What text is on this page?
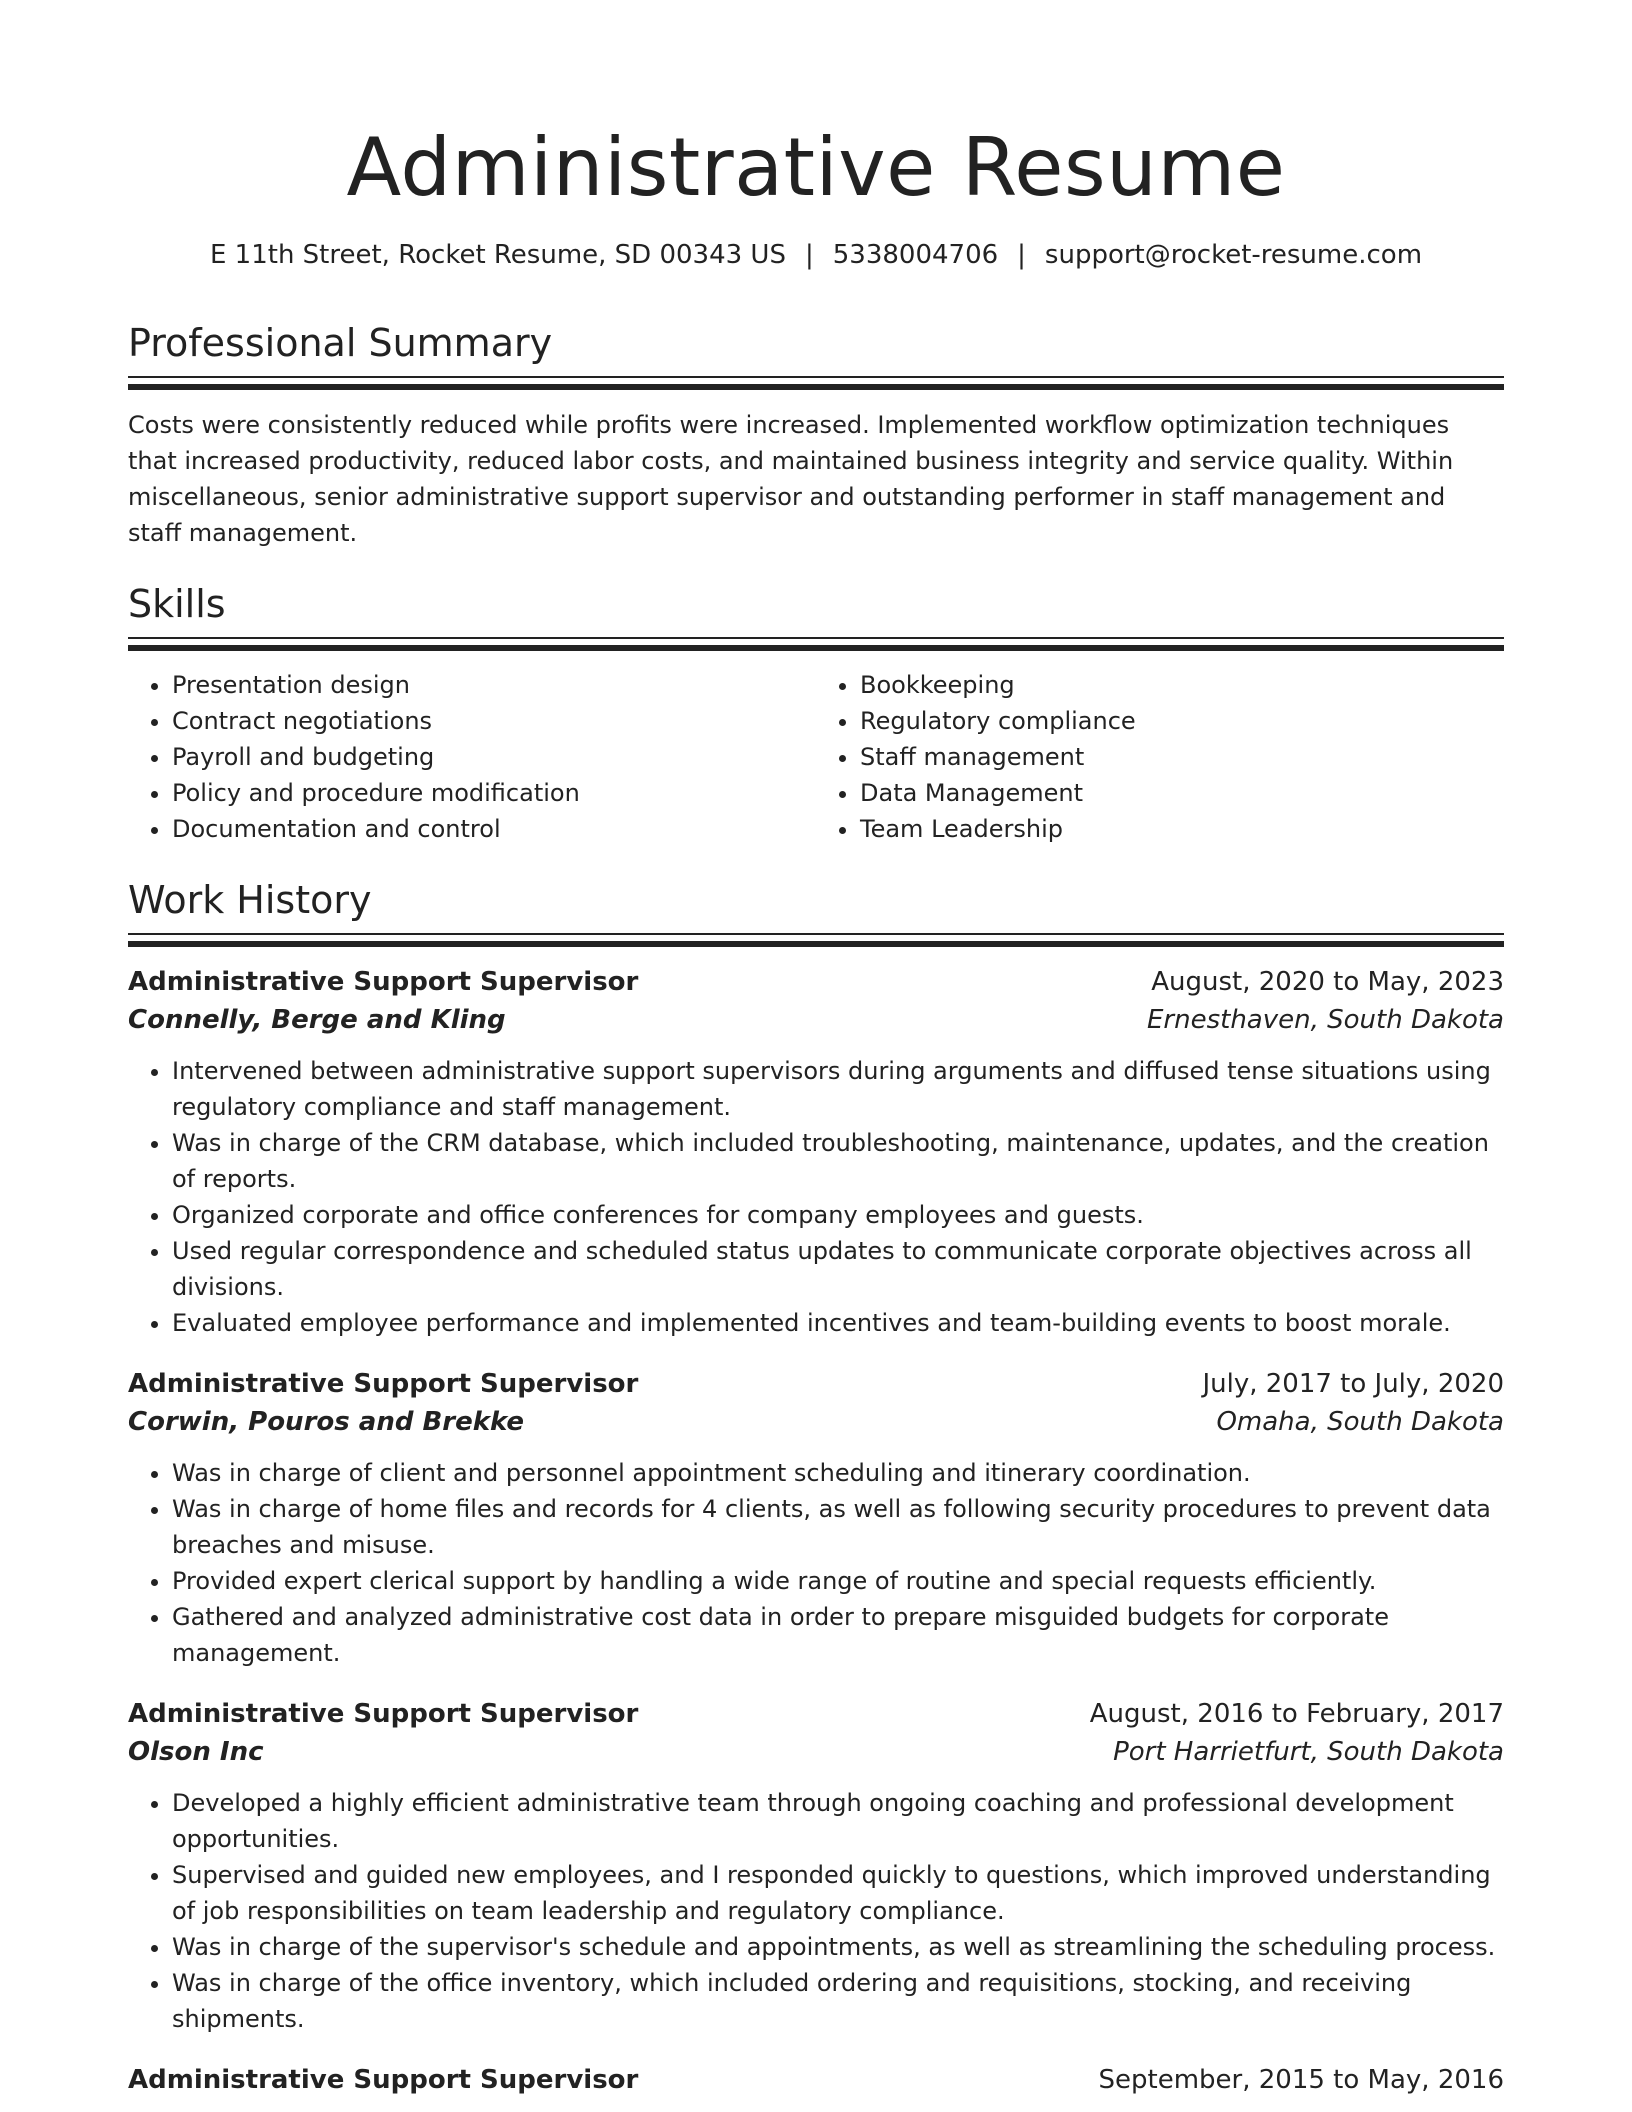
Administrative Resume
E 11th Street, Rocket Resume, SD 00343 US | 5338004706 | support@rocket-resume.com
Professional Summary

Costs were consistently reduced while profits were increased. Implemented workflow optimization techniques that increased productivity, reduced labor costs, and maintained business integrity and service quality. Within miscellaneous, senior administrative support supervisor and outstanding performer in staff management and staff management.

Skills
• Presentation design
• Contract negotiations
• Payroll and budgeting
• Policy and procedure modification
• Documentation and control
• Bookkeeping
• Regulatory compliance
• Staff management
• Data Management
• Team Leadership
Work History
Administrative Support Supervisor	August, 2020 to May, 2023
Connelly, Berge and Kling	Ernesthaven, South Dakota
• Intervened between administrative support supervisors during arguments and diffused tense situations using regulatory compliance and staff management.
• Was in charge of the CRM database, which included troubleshooting, maintenance, updates, and the creation of reports.
• Organized corporate and office conferences for company employees and guests.
• Used regular correspondence and scheduled status updates to communicate corporate objectives across all divisions.
• Evaluated employee performance and implemented incentives and team-building events to boost morale.
Administrative Support Supervisor	July, 2017 to July, 2020
Corwin, Pouros and Brekke	Omaha, South Dakota
• Was in charge of client and personnel appointment scheduling and itinerary coordination.
• Was in charge of home files and records for 4 clients, as well as following security procedures to prevent data breaches and misuse.
• Provided expert clerical support by handling a wide range of routine and special requests efficiently.
• Gathered and analyzed administrative cost data in order to prepare misguided budgets for corporate management.
Administrative Support Supervisor	August, 2016 to February, 2017
Olson Inc	Port Harrietfurt, South Dakota
• Developed a highly efficient administrative team through ongoing coaching and professional development opportunities.
• Supervised and guided new employees, and I responded quickly to questions, which improved understanding of job responsibilities on team leadership and regulatory compliance.
• Was in charge of the supervisor's schedule and appointments, as well as streamlining the scheduling process.
• Was in charge of the office inventory, which included ordering and requisitions, stocking, and receiving shipments.
Administrative Support Supervisor	September, 2015 to May, 2016
